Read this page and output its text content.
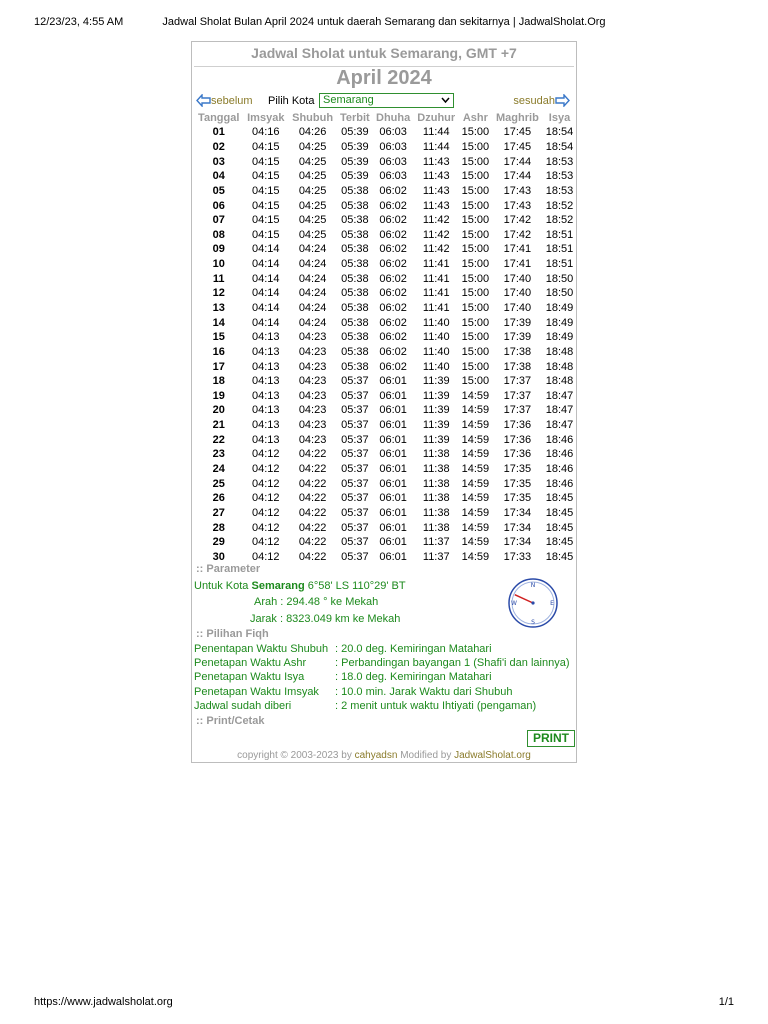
12/23/23, 4:55 AM	Jadwal Sholat Bulan April 2024 untuk daerah Semarang dan sekitarnya | JadwalSholat.Org
Jadwal Sholat untuk Semarang, GMT +7
April 2024
sebelum Pilih Kota Semarang	sesudah
Tanggal	Imsyak	Shubuh	Terbit	Dhuha	Dzuhur	Ashr	Maghrib	Isya
01	04:16	04:26	05:39	06:03	11:44	15:00	17:45	18:54
02	04:15	04:25	05:39	06:03	11:44	15:00	17:45	18:54
03	04:15	04:25	05:39	06:03	11:43	15:00	17:44	18:53
04	04:15	04:25	05:39	06:03	11:43	15:00	17:44	18:53
05	04:15	04:25	05:38	06:02	11:43	15:00	17:43	18:53
06	04:15	04:25	05:38	06:02	11:43	15:00	17:43	18:52
07	04:15	04:25	05:38	06:02	11:42	15:00	17:42	18:52
08	04:15	04:25	05:38	06:02	11:42	15:00	17:42	18:51
09	04:14	04:24	05:38	06:02	11:42	15:00	17:41	18:51
10	04:14	04:24	05:38	06:02	11:41	15:00	17:41	18:51
11	04:14	04:24	05:38	06:02	11:41	15:00	17:40	18:50
12	04:14	04:24	05:38	06:02	11:41	15:00	17:40	18:50
13	04:14	04:24	05:38	06:02	11:41	15:00	17:40	18:49
14	04:14	04:24	05:38	06:02	11:40	15:00	17:39	18:49
15	04:13	04:23	05:38	06:02	11:40	15:00	17:39	18:49
16	04:13	04:23	05:38	06:02	11:40	15:00	17:38	18:48
17	04:13	04:23	05:38	06:02	11:40	15:00	17:38	18:48
18	04:13	04:23	05:37	06:01	11:39	15:00	17:37	18:48
19	04:13	04:23	05:37	06:01	11:39	14:59	17:37	18:47
20	04:13	04:23	05:37	06:01	11:39	14:59	17:37	18:47
21	04:13	04:23	05:37	06:01	11:39	14:59	17:36	18:47
22	04:13	04:23	05:37	06:01	11:39	14:59	17:36	18:46
23	04:12	04:22	05:37	06:01	11:38	14:59	17:36	18:46
24	04:12	04:22	05:37	06:01	11:38	14:59	17:35	18:46
25	04:12	04:22	05:37	06:01	11:38	14:59	17:35	18:46
26	04:12	04:22	05:37	06:01	11:38	14:59	17:35	18:45
27	04:12	04:22	05:37	06:01	11:38	14:59	17:34	18:45
28	04:12	04:22	05:37	06:01	11:38	14:59	17:34	18:45
29	04:12	04:22	05:37	06:01	11:37	14:59	17:34	18:45
30	04:12	04:22	05:37	06:01	11:37	14:59	17:33	18:45
:: Parameter
Untuk Kota Semarang 6°58' LS 110°29' BT
Arah : 294.48 ° ke Mekah
Jarak : 8323.049 km ke Mekah
N
S
E
W
:: Pilihan Fiqh
Penentapan Waktu Shubuh : 20.0 deg. Kemiringan Matahari
Penetapan Waktu Ashr	: Perbandingan bayangan 1 (Shafi'i dan lainnya)
Penetapan Waktu Isya	: 18.0 deg. Kemiringan Matahari
Penetapan Waktu Imsyak : 10.0 min. Jarak Waktu dari Shubuh
Jadwal sudah diberi	: 2 menit untuk waktu Ihtiyati (pengaman)
:: Print/Cetak
PRINT
copyright © 2003-2023 by cahyadsn Modified by JadwalSholat.org
https://www.jadwalsholat.org	1/1
